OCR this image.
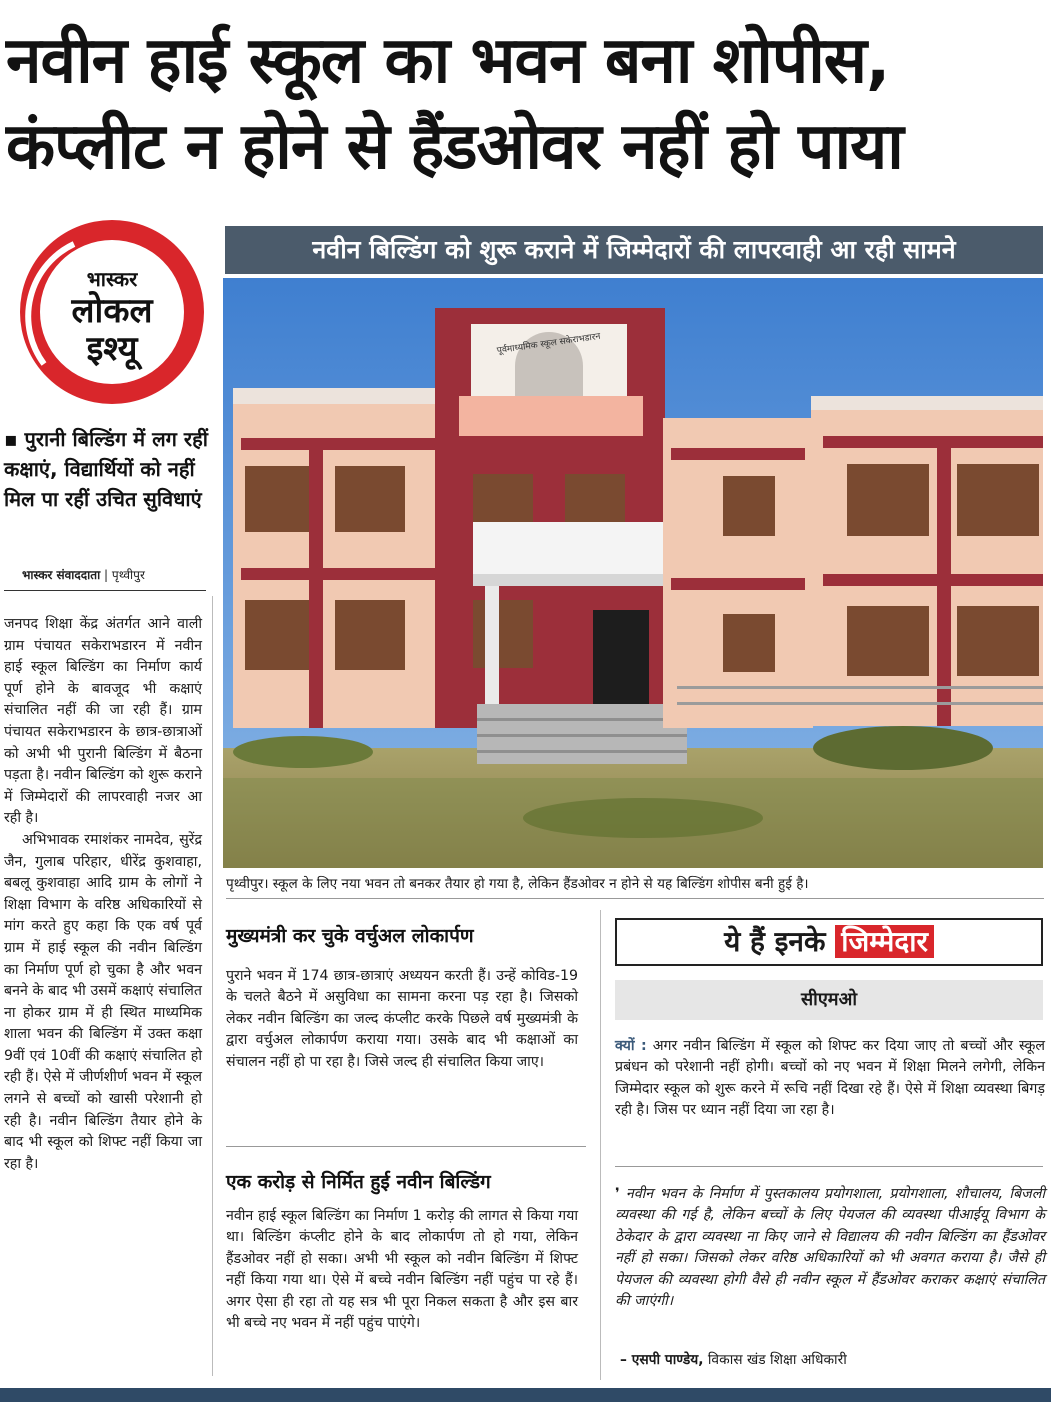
नवीन हाई स्कूल का भवन बना शोपीस,
कंप्लीट न होने से हैंडओवर नहीं हो पाया
भास्कर
लोकल
इश्यू
नवीन बिल्डिंग को शुरू कराने में जिम्मेदारों की लापरवाही आ रही सामने
▪ पुरानी बिल्डिंग में लग रहीं कक्षाएं, विद्यार्थियों को नहीं मिल पा रहीं उचित सुविधाएं
भास्कर संवाददाता | पृथ्वीपुर

जनपद शिक्षा केंद्र अंतर्गत आने वाली ग्राम पंचायत सकेराभडारन में नवीन हाई स्कूल बिल्डिंग का निर्माण कार्य पूर्ण होने के बावजूद भी कक्षाएं संचालित नहीं की जा रही हैं। ग्राम पंचायत सकेराभडारन के छात्र-छात्राओं को अभी भी पुरानी बिल्डिंग में बैठना पड़ता है। नवीन बिल्डिंग को शुरू कराने में जिम्मेदारों की लापरवाही नजर आ रही है।

अभिभावक रमाशंकर नामदेव, सुरेंद्र जैन, गुलाब परिहार, धीरेंद्र कुशवाहा, बबलू कुशवाहा आदि ग्राम के लोगों ने शिक्षा विभाग के वरिष्ठ अधिकारियों से मांग करते हुए कहा कि एक वर्ष पूर्व ग्राम में हाई स्कूल की नवीन बिल्डिंग का निर्माण पूर्ण हो चुका है और भवन बनने के बाद भी उसमें कक्षाएं संचालित ना होकर ग्राम में ही स्थित माध्यमिक शाला भवन की बिल्डिंग में उक्त कक्षा 9वीं एवं 10वीं की कक्षाएं संचालित हो रही हैं। ऐसे में जीर्णशीर्ण भवन में स्कूल लगने से बच्चों को खासी परेशानी हो रही है। नवीन बिल्डिंग तैयार होने के बाद भी स्कूल को शिफ्ट नहीं किया जा रहा है।

पूर्वमाध्यमिक स्कूल सकेराभडारन
पृथ्वीपुर। स्कूल के लिए नया भवन तो बनकर तैयार हो गया है, लेकिन हैंडओवर न होने से यह बिल्डिंग शोपीस बनी हुई है।
मुख्यमंत्री कर चुके वर्चुअल लोकार्पण

पुराने भवन में 174 छात्र-छात्राएं अध्ययन करती हैं। उन्हें कोविड-19 के चलते बैठने में असुविधा का सामना करना पड़ रहा है। जिसको लेकर नवीन बिल्डिंग का जल्द कंप्लीट करके पिछले वर्ष मुख्यमंत्री के द्वारा वर्चुअल लोकार्पण कराया गया। उसके बाद भी कक्षाओं का संचालन नहीं हो पा रहा है। जिसे जल्द ही संचालित किया जाए।

एक करोड़ से निर्मित हुई नवीन बिल्डिंग

नवीन हाई स्कूल बिल्डिंग का निर्माण 1 करोड़ की लागत से किया गया था। बिल्डिंग कंप्लीट होने के बाद लोकार्पण तो हो गया, लेकिन हैंडओवर नहीं हो सका। अभी भी स्कूल को नवीन बिल्डिंग में शिफ्ट नहीं किया गया था। ऐसे में बच्चे नवीन बिल्डिंग नहीं पहुंच पा रहे हैं। अगर ऐसा ही रहा तो यह सत्र भी पूरा निकल सकता है और इस बार भी बच्चे नए भवन में नहीं पहुंच पाएंगे।

ये हैं इनके जिम्मेदार
सीएमओ

क्यों : अगर नवीन बिल्डिंग में स्कूल को शिफ्ट कर दिया जाए तो बच्चों और स्कूल प्रबंधन को परेशानी नहीं होगी। बच्चों को नए भवन में शिक्षा मिलने लगेगी, लेकिन जिम्मेदार स्कूल को शुरू करने में रूचि नहीं दिखा रहे हैं। ऐसे में शिक्षा व्यवस्था बिगड़ रही है। जिस पर ध्यान नहीं दिया जा रहा है।

❜ नवीन भवन के निर्माण में पुस्तकालय प्रयोगशाला, प्रयोगशाला, शौचालय, बिजली व्यवस्था की गई है, लेकिन बच्चों के लिए पेयजल की व्यवस्था पीआईयू विभाग के ठेकेदार के द्वारा व्यवस्था ना किए जाने से विद्यालय की नवीन बिल्डिंग का हैंडओवर नहीं हो सका। जिसको लेकर वरिष्ठ अधिकारियों को भी अवगत कराया है। जैसे ही पेयजल की व्यवस्था होगी वैसे ही नवीन स्कूल में हैंडओवर कराकर कक्षाएं संचालित की जाएंगी।

– एसपी पाण्डेय, विकास खंड शिक्षा अधिकारी
